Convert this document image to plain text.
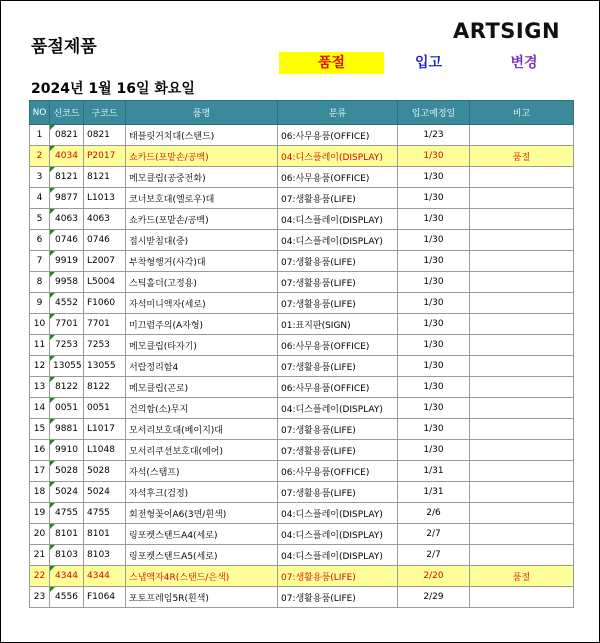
품절제품
ARTSIGN
품절	입고	변경
2024년 1월 16일 화요일
NO	신코드	구코드	품명	분류	입고예정일	비고
1	0821	0821	태블릿거치대(스탠드)	06:사무용품(OFFICE)	1/23	
2	4034	P2017	쇼카드(포맡손/공백)	04:디스플레이(DISPLAY)	1/30	품절
3	8121	8121	메모클립(공중전화)	06:사무용품(OFFICE)	1/30	
4	9877	L1013	코너보호대(엘로우)대	07:생활용품(LIFE)	1/30	
5	4063	4063	쇼카드(포맡손/공백)	04:디스플레이(DISPLAY)	1/30	
6	0746	0746	접시받침대(중)	04:디스플레이(DISPLAY)	1/30	
7	9919	L2007	부착형행거(사각)대	07:생활용품(LIFE)	1/30	
8	9958	L5004	스틱홀더(고정용)	07:생활용품(LIFE)	1/30	
9	4552	F1060	자석미니액자(세로)	07:생활용품(LIFE)	1/30	
10	7701	7701	미끄럼주의(A자형)	01:표지판(SIGN)	1/30	
11	7253	7253	메모클립(타자기)	06:사무용품(OFFICE)	1/30	
12	13055	13055	서랍정리함4	07:생활용품(LIFE)	1/30	
13	8122	8122	메모클립(곤로)	06:사무용품(OFFICE)	1/30	
14	0051	0051	건의함(소)무지	04:디스플레이(DISPLAY)	1/30	
15	9881	L1017	모서리보호대(베이지)대	07:생활용품(LIFE)	1/30	
16	9910	L1048	모서리쿠션보호대(에어)	07:생활용품(LIFE)	1/30	
17	5028	5028	자석(스탬프)	06:사무용품(OFFICE)	1/31	
18	5024	5024	자석후크(검정)	07:생활용품(LIFE)	1/31	
19	4755	4755	회전형꽂이A6(3면/흰색)	04:디스플레이(DISPLAY)	2/6	
20	8101	8101	링포켓스탠드A4(세로)	04:디스플레이(DISPLAY)	2/7	
21	8103	8103	링포켓스탠드A5(세로)	04:디스플레이(DISPLAY)	2/7	
22	4344	4344	스냅액자4R(스탠드/은색)	07:생활용품(LIFE)	2/20	품절
23	4556	F1064	포토프레임5R(흰색)	07:생활용품(LIFE)	2/29	
